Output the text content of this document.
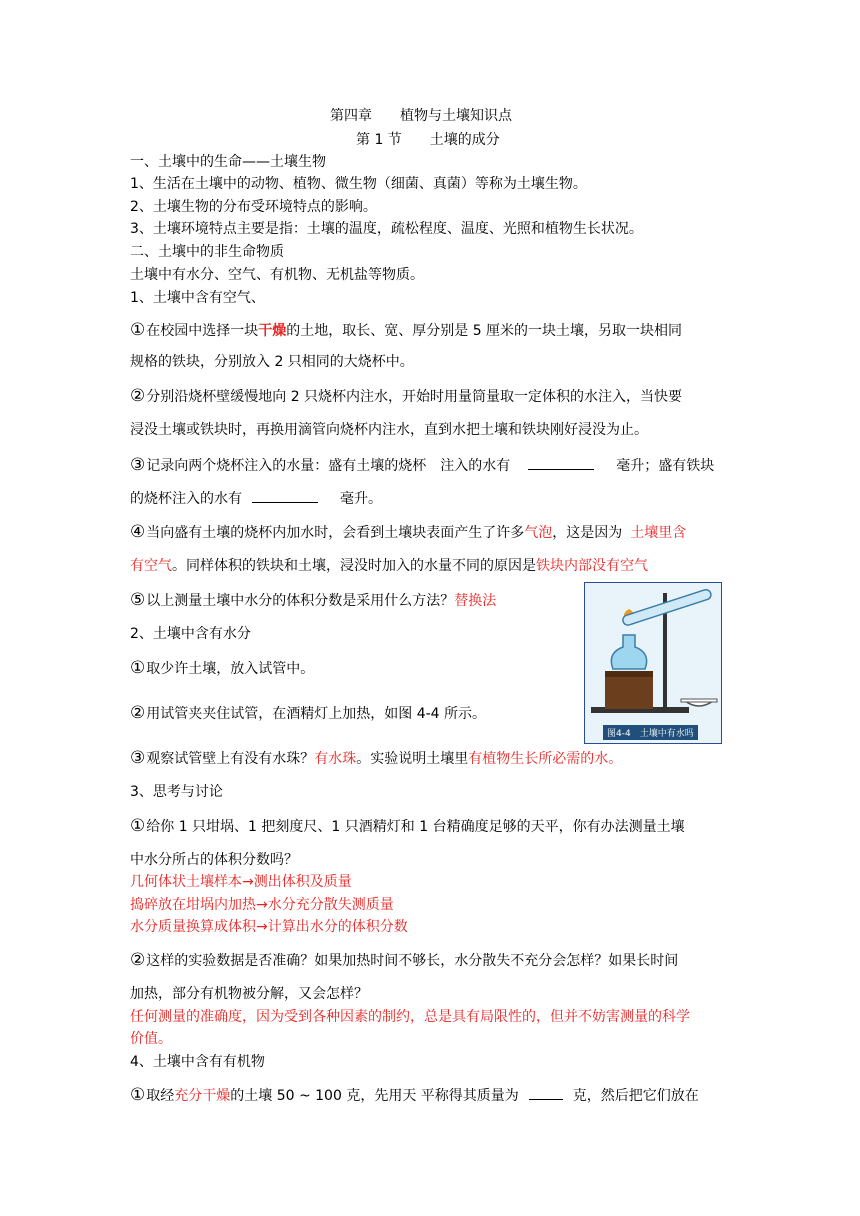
第四章　　植物与土壤知识点
第 1 节　　土壤的成分
一、土壤中的生命——土壤生物
1、生活在土壤中的动物、植物、微生物（细菌、真菌）等称为土壤生物。
2、土壤生物的分布受环境特点的影响。
3、土壤环境特点主要是指：土壤的温度，疏松程度、温度、光照和植物生长状况。
二、土壤中的非生命物质
土壤中有水分、空气、有机物、无机盐等物质。
1、土壤中含有空气、
①在校园中选择一块干燥的土地，取长、宽、厚分别是 5 厘米的一块土壤，另取一块相同
规格的铁块，分别放入 2 只相同的大烧杯中。
②分别沿烧杯壁缓慢地向 2 只烧杯内注水，开始时用量筒量取一定体积的水注入，当快要
浸没土壤或铁块时，再换用滴管向烧杯内注水，直到水把土壤和铁块刚好浸没为止。
③记录向两个烧杯注入的水量：盛有土壤的烧杯　注入的水有	毫升；盛有铁块
的烧杯注入的水有	毫升。
④当向盛有土壤的烧杯内加水时，会看到土壤块表面产生了许多气泡，这是因为 土壤里含
有空气。同样体积的铁块和土壤，浸没时加入的水量不同的原因是铁块内部没有空气
⑤以上测量土壤中水分的体积分数是采用什么方法？替换法
2、土壤中含有水分
①取少许土壤，放入试管中。
②用试管夹夹住试管，在酒精灯上加热，如图 4-4 所示。
图4-4　土壤中有水吗
③观察试管壁上有没有水珠？有水珠。实验说明土壤里有植物生长所必需的水。
3、思考与讨论
①给你 1 只坩埚、1 把刻度尺、1 只酒精灯和 1 台精确度足够的天平，你有办法测量土壤
中水分所占的体积分数吗？
几何体状土壤样本→测出体积及质量
捣碎放在坩埚内加热→水分充分散失测质量
水分质量换算成体积→计算出水分的体积分数
②这样的实验数据是否准确？如果加热时间不够长，水分散失不充分会怎样？如果长时间
加热，部分有机物被分解，又会怎样？
任何测量的准确度，因为受到各种因素的制约，总是具有局限性的，但并不妨害测量的科学
价值。
4、土壤中含有有机物
①取经充分干燥的土壤 50 ~ 100 克，先用天 平称得其质量为	克，然后把它们放在
